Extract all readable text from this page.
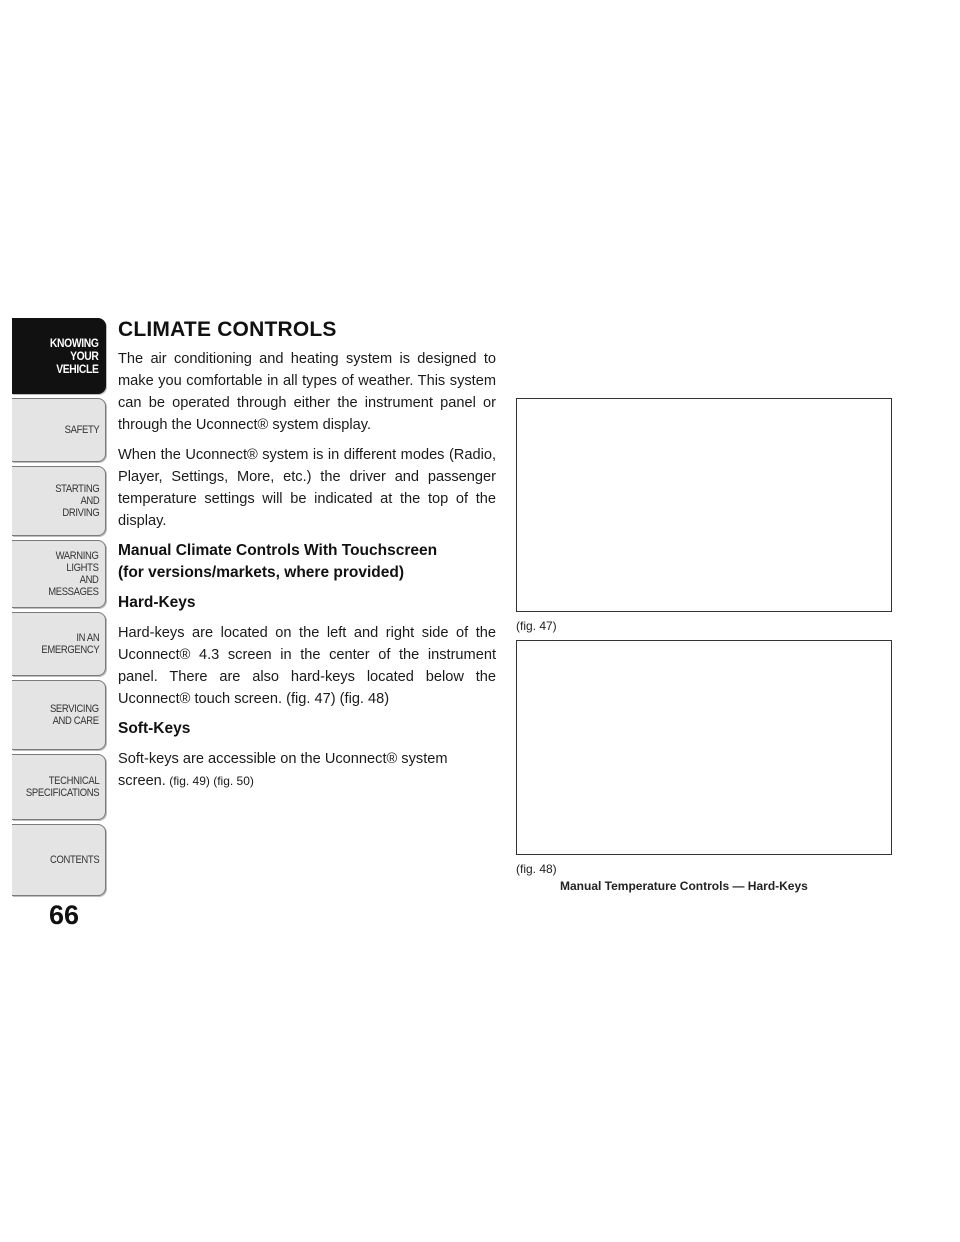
KNOWING
YOUR
VEHICLE
SAFETY
STARTING
AND
DRIVING
WARNING
LIGHTS
AND
MESSAGES
IN AN
EMERGENCY
SERVICING
AND CARE
TECHNICAL
SPECIFICATIONS
CONTENTS
66
CLIMATE CONTROLS

The air conditioning and heating system is designed to make you comfortable in all types of weather. This system can be operated through either the instrument panel or through the Uconnect® system display.

When the Uconnect® system is in different modes (Radio, Player, Settings, More, etc.) the driver and passenger temperature settings will be indicated at the top of the display.

Manual Climate Controls With Touchscreen
(for versions/markets, where provided)
Hard-Keys

Hard-keys are located on the left and right side of the Uconnect® 4.3 screen in the center of the instrument panel. There are also hard-keys located below the Uconnect® touch screen. (fig. 47) (fig. 48)

Soft-Keys

Soft-keys are accessible on the Uconnect® system screen. (fig. 49) (fig. 50)

(fig. 47)
(fig. 48)
Manual Temperature Controls — Hard-Keys
